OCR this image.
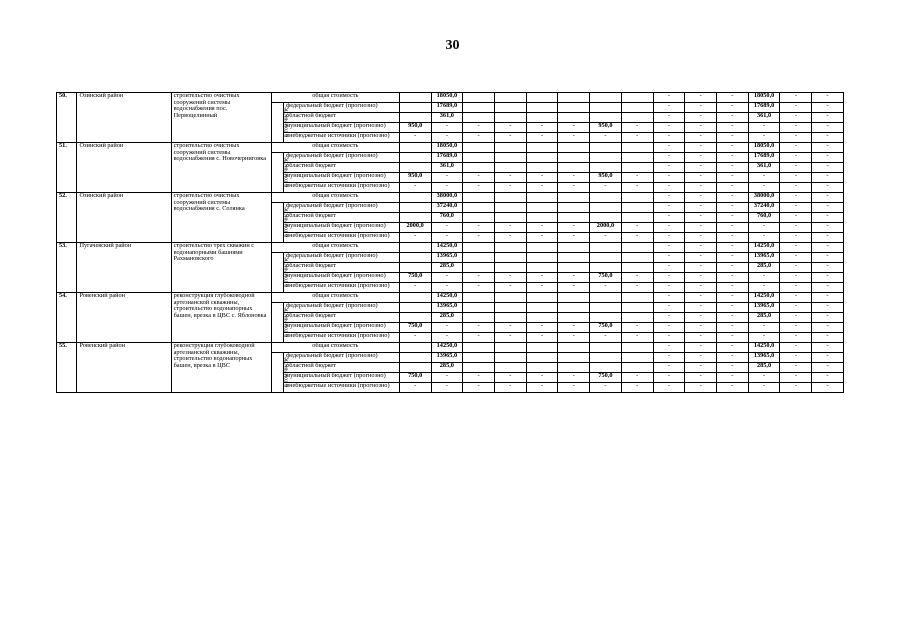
30
50.	Озинский район	строительство очистных сооружений системы водоснабжения пос. Первоцелинный	общая стоимость			18050,0							-	-	-	18050,0	-	-
			в том числе	федеральный бюджет (прогнозно)		17689,0							-	-	-	17689,0	-	-
				областной бюджет		361,0							-	-	-	361,0	-	-
				муниципальный бюджет (прогнозно)	950,0	-	-	-	-	-	950,0	-	-	-	-	-	-	-
				внебюджетные источники (прогнозно)	-	-	-	-	-	-	-	-	-	-	-	-	-	-
51.	Озинский район	строительство очистных сооружений системы водоснабжения с. Новочерниговка	общая стоимость			18050,0							-	-	-	18050,0	-	-
			в том числе	федеральный бюджет (прогнозно)		17689,0							-	-	-	17689,0	-	-
				областной бюджет		361,0							-	-	-	361,0	-	-
				муниципальный бюджет (прогнозно)	950,0	-	-	-	-	-	950,0	-	-	-	-	-	-	-
				внебюджетные источники (прогнозно)	-	-	-	-	-	-	-	-	-	-	-	-	-	-
52.	Озинский район	строительство очистных сооружений системы водоснабжения с. Солянка	общая стоимость			38000,0							-	-	-	38000,0	-	-
			в том числе	федеральный бюджет (прогнозно)		37240,0							-	-	-	37240,0	-	-
				областной бюджет		760,0							-	-	-	760,0	-	-
				муниципальный бюджет (прогнозно)	2000,0	-	-	-	-	-	2000,0	-	-	-	-	-	-	-
				внебюджетные источники (прогнозно)	-	-	-	-	-	-	-	-	-	-	-	-	-	-
53.	Пугачевский район	строительство трех скважин с водонапорными башнями Рахмановского	общая стоимость			14250,0							-	-	-	14250,0	-	-
			в том числе	федеральный бюджет (прогнозно)		13965,0							-	-	-	13965,0	-	-
				областной бюджет		285,0							-	-	-	285,0	-	-
				муниципальный бюджет (прогнозно)	750,0	-	-	-	-	-	750,0	-	-	-	-	-	-	-
				внебюджетные источники (прогнозно)	-	-	-	-	-	-	-	-	-	-	-	-	-	-
54.	Ровенский район	реконструкция глубоководной артезианской скважины, строительство водонапорных башен, врезка в ЦВС с. Яблоновка	общая стоимость			14250,0							-	-	-	14250,0	-	-
			в том числе	федеральный бюджет (прогнозно)		13965,0							-	-	-	13965,0	-	-
				областной бюджет		285,0							-	-	-	285,0	-	-
				муниципальный бюджет (прогнозно)	750,0	-	-	-	-	-	750,0	-	-	-	-	-	-	-
				внебюджетные источники (прогнозно)	-	-	-	-	-	-	-	-	-	-	-	-	-	-
55.	Ровенский район	реконструкция глубоководной артезианской скважины, строительство водонапорных башен, врезка в ЦВС	общая стоимость			14250,0							-	-	-	14250,0	-	-
			в том числе	федеральный бюджет (прогнозно)		13965,0							-	-	-	13965,0	-	-
				областной бюджет		285,0							-	-	-	285,0	-	-
				муниципальный бюджет (прогнозно)	750,0	-	-	-	-	-	750,0	-	-	-	-	-	-	-
				внебюджетные источники (прогнозно)	-	-	-	-	-	-	-	-	-	-	-	-	-	-
